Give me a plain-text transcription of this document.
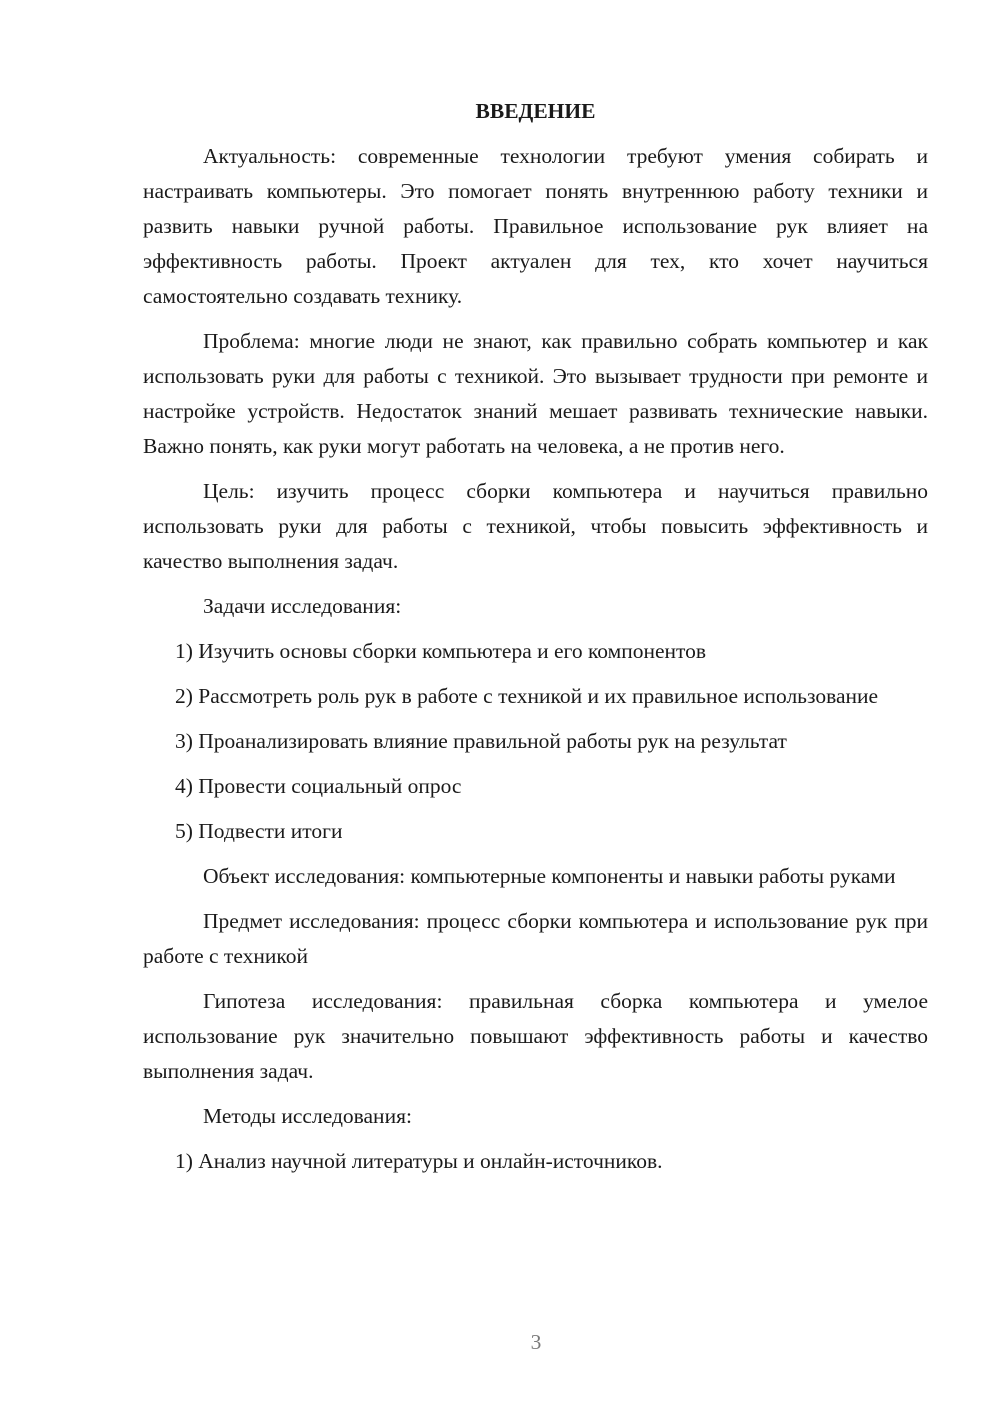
ВВЕДЕНИЕ

Актуальность: современные технологии требуют умения собирать и настраивать компьютеры. Это помогает понять внутреннюю работу техники и развить навыки ручной работы. Правильное использование рук влияет на эффективность работы. Проект актуален для тех, кто хочет научиться самостоятельно создавать технику.

Проблема: многие люди не знают, как правильно собрать компьютер и как использовать руки для работы с техникой. Это вызывает трудности при ремонте и настройке устройств. Недостаток знаний мешает развивать технические навыки. Важно понять, как руки могут работать на человека, а не против него.

Цель: изучить процесс сборки компьютера и научиться правильно использовать руки для работы с техникой, чтобы повысить эффективность и качество выполнения задач.

Задачи исследования:

1) Изучить основы сборки компьютера и его компонентов

2) Рассмотреть роль рук в работе с техникой и их правильное использование

3) Проанализировать влияние правильной работы рук на результат

4) Провести социальный опрос

5) Подвести итоги

Объект исследования: компьютерные компоненты и навыки работы руками

Предмет исследования: процесс сборки компьютера и использование рук при работе с техникой

Гипотеза исследования: правильная сборка компьютера и умелое использование рук значительно повышают эффективность работы и качество выполнения задач.

Методы исследования:

1) Анализ научной литературы и онлайн-источников.

3
